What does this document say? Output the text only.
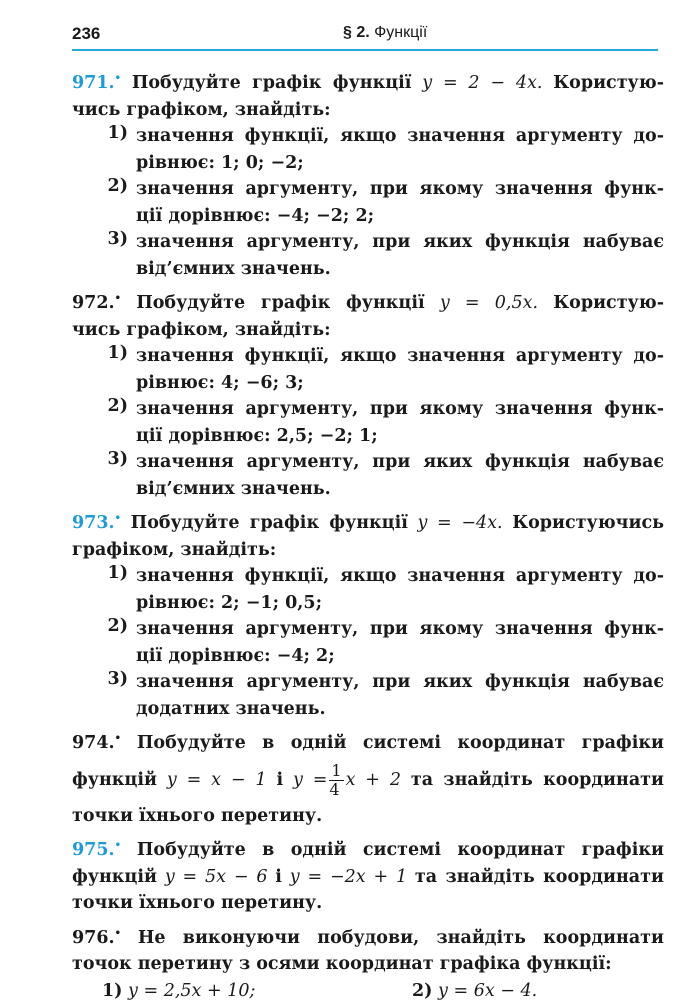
236	§ 2. Функції
971.• Побудуйте графік функції y = 2 − 4x. Користую-
чись графіком, знайдіть:
1) значення функції, якщо значення аргументу до-
рівнює: 1; 0; −2;
2) значення аргументу, при якому значення функ-
ції дорівнює: −4; −2; 2;
3) значення аргументу, при яких функція набуває
від’ємних значень.
972.• Побудуйте графік функції y = 0,5x. Користую-
чись графіком, знайдіть:
1) значення функції, якщо значення аргументу до-
рівнює: 4; −6; 3;
2) значення аргументу, при якому значення функ-
ції дорівнює: 2,5; −2; 1;
3) значення аргументу, при яких функція набуває
від’ємних значень.
973.• Побудуйте графік функції y = −4x. Користуючись
графіком, знайдіть:
1) значення функції, якщо значення аргументу до-
рівнює: 2; −1; 0,5;
2) значення аргументу, при якому значення функ-
ції дорівнює: −4; 2;
3) значення аргументу, при яких функція набуває
додатних значень.
974.• Побудуйте в одній системі координат графіки
функцій y = x − 1 і $y = \frac{1}{4}$ x + 2 та знайдіть координати
точки їхнього перетину.
975.• Побудуйте в одній системі координат графіки
функцій y = 5x − 6 і y = −2x + 1 та знайдіть координати
точки їхнього перетину.
976.• Не виконуючи побудови, знайдіть координати
точок перетину з осями координат графіка функції:
1) y = 2,5x + 10;	2) y = 6x − 4.
